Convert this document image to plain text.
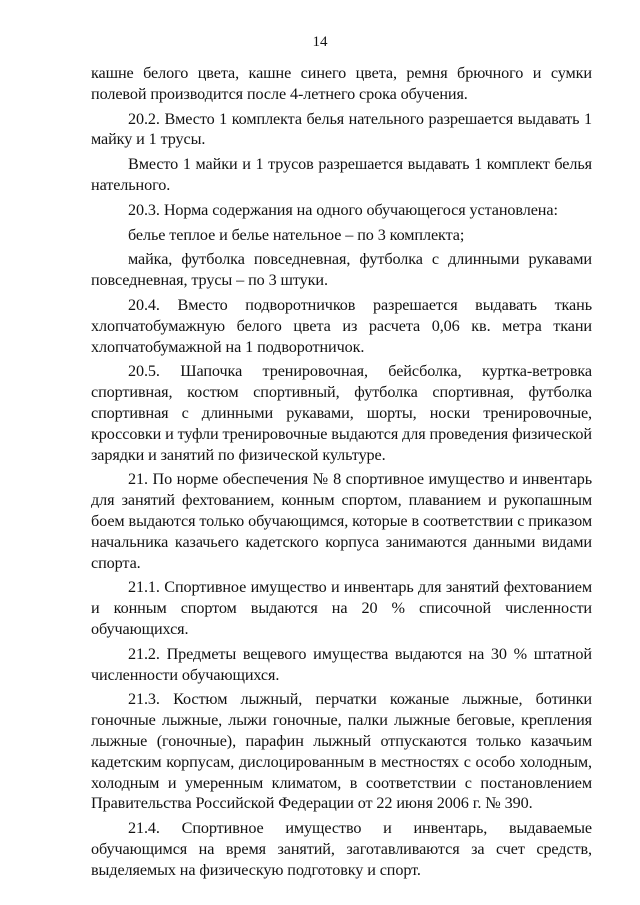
14

кашне белого цвета, кашне синего цвета, ремня брючного и сумки полевой производится после 4-летнего срока обучения.

20.2. Вместо 1 комплекта белья нательного разрешается выдавать 1 майку и 1 трусы.

Вместо 1 майки и 1 трусов разрешается выдавать 1 комплект белья нательного.

20.3. Норма содержания на одного обучающегося установлена:

белье теплое и белье нательное – по 3 комплекта;

майка, футболка повседневная, футболка с длинными рукавами повседневная, трусы – по 3 штуки.

20.4. Вместо подворотничков разрешается выдавать ткань хлопчатобумажную белого цвета из расчета 0,06 кв. метра ткани хлопчатобумажной на 1 подворотничок.

20.5. Шапочка тренировочная, бейсболка, куртка-ветровка спортивная, костюм спортивный, футболка спортивная, футболка спортивная с длинными рукавами, шорты, носки тренировочные, кроссовки и туфли тренировочные выдаются для проведения физической зарядки и занятий по физической культуре.

21. По норме обеспечения № 8 спортивное имущество и инвентарь для занятий фехтованием, конным спортом, плаванием и рукопашным боем выдаются только обучающимся, которые в соответствии с приказом начальника казачьего кадетского корпуса занимаются данными видами спорта.

21.1. Спортивное имущество и инвентарь для занятий фехтованием и конным спортом выдаются на 20 % списочной численности обучающихся.

21.2. Предметы вещевого имущества выдаются на 30 % штатной численности обучающихся.

21.3. Костюм лыжный, перчатки кожаные лыжные, ботинки гоночные лыжные, лыжи гоночные, палки лыжные беговые, крепления лыжные (гоночные), парафин лыжный отпускаются только казачьим кадетским корпусам, дислоцированным в местностях с особо холодным, холодным и умеренным климатом, в соответствии с постановлением Правительства Российской Федерации от 22 июня 2006 г. № 390.

21.4. Спортивное имущество и инвентарь, выдаваемые обучающимся на время занятий, заготавливаются за счет средств, выделяемых на физическую подготовку и спорт.
